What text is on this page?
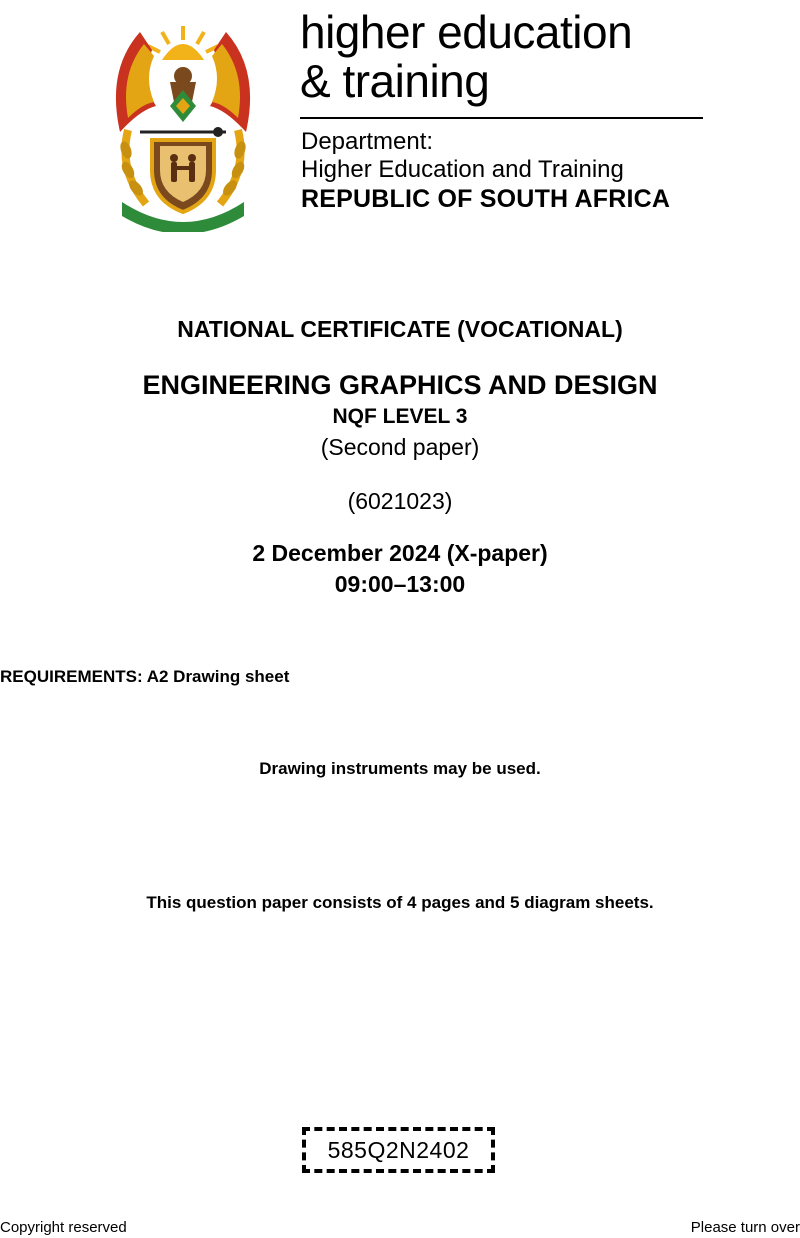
higher education
& training
Department:
Higher Education and Training
REPUBLIC OF SOUTH AFRICA
NATIONAL CERTIFICATE (VOCATIONAL)
ENGINEERING GRAPHICS AND DESIGN
NQF LEVEL 3
(Second paper)
(6021023)
2 December 2024 (X-paper)
09:00–13:00
REQUIREMENTS: A2 Drawing sheet
Drawing instruments may be used.
This question paper consists of 4 pages and 5 diagram sheets.
585Q2N2402
Copyright reserved	Please turn over
